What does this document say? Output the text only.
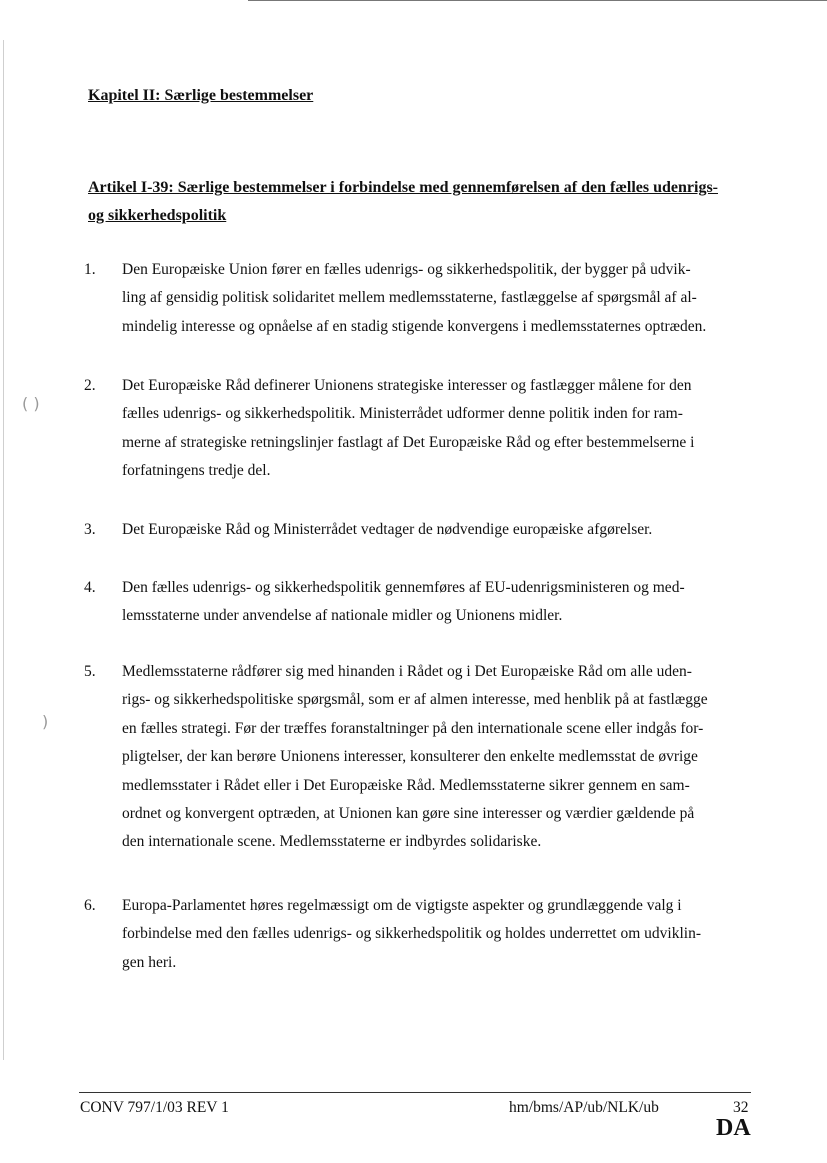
( )
)
Kapitel II: Særlige bestemmelser
Artikel I-39: Særlige bestemmelser i forbindelse med gennemførelsen af den fælles udenrigs-
og sikkerhedspolitik
1. Den Europæiske Union fører en fælles udenrigs- og sikkerhedspolitik, der bygger på udvik-
ling af gensidig politisk solidaritet mellem medlemsstaterne, fastlæggelse af spørgsmål af al-
mindelig interesse og opnåelse af en stadig stigende konvergens i medlemsstaternes optræden.
2. Det Europæiske Råd definerer Unionens strategiske interesser og fastlægger målene for den
fælles udenrigs- og sikkerhedspolitik. Ministerrådet udformer denne politik inden for ram-
merne af strategiske retningslinjer fastlagt af Det Europæiske Råd og efter bestemmelserne i
forfatningens tredje del.
3. Det Europæiske Råd og Ministerrådet vedtager de nødvendige europæiske afgørelser.
4. Den fælles udenrigs- og sikkerhedspolitik gennemføres af EU-udenrigsministeren og med-
lemsstaterne under anvendelse af nationale midler og Unionens midler.
5. Medlemsstaterne rådfører sig med hinanden i Rådet og i Det Europæiske Råd om alle uden-
rigs- og sikkerhedspolitiske spørgsmål, som er af almen interesse, med henblik på at fastlægge
en fælles strategi. Før der træffes foranstaltninger på den internationale scene eller indgås for-
pligtelser, der kan berøre Unionens interesser, konsulterer den enkelte medlemsstat de øvrige
medlemsstater i Rådet eller i Det Europæiske Råd. Medlemsstaterne sikrer gennem en sam-
ordnet og konvergent optræden, at Unionen kan gøre sine interesser og værdier gældende på
den internationale scene. Medlemsstaterne er indbyrdes solidariske.
6. Europa-Parlamentet høres regelmæssigt om de vigtigste aspekter og grundlæggende valg i
forbindelse med den fælles udenrigs- og sikkerhedspolitik og holdes underrettet om udviklin-
gen heri.
CONV 797/1/03 REV 1	hm/bms/AP/ub/NLK/ub	32
DA
